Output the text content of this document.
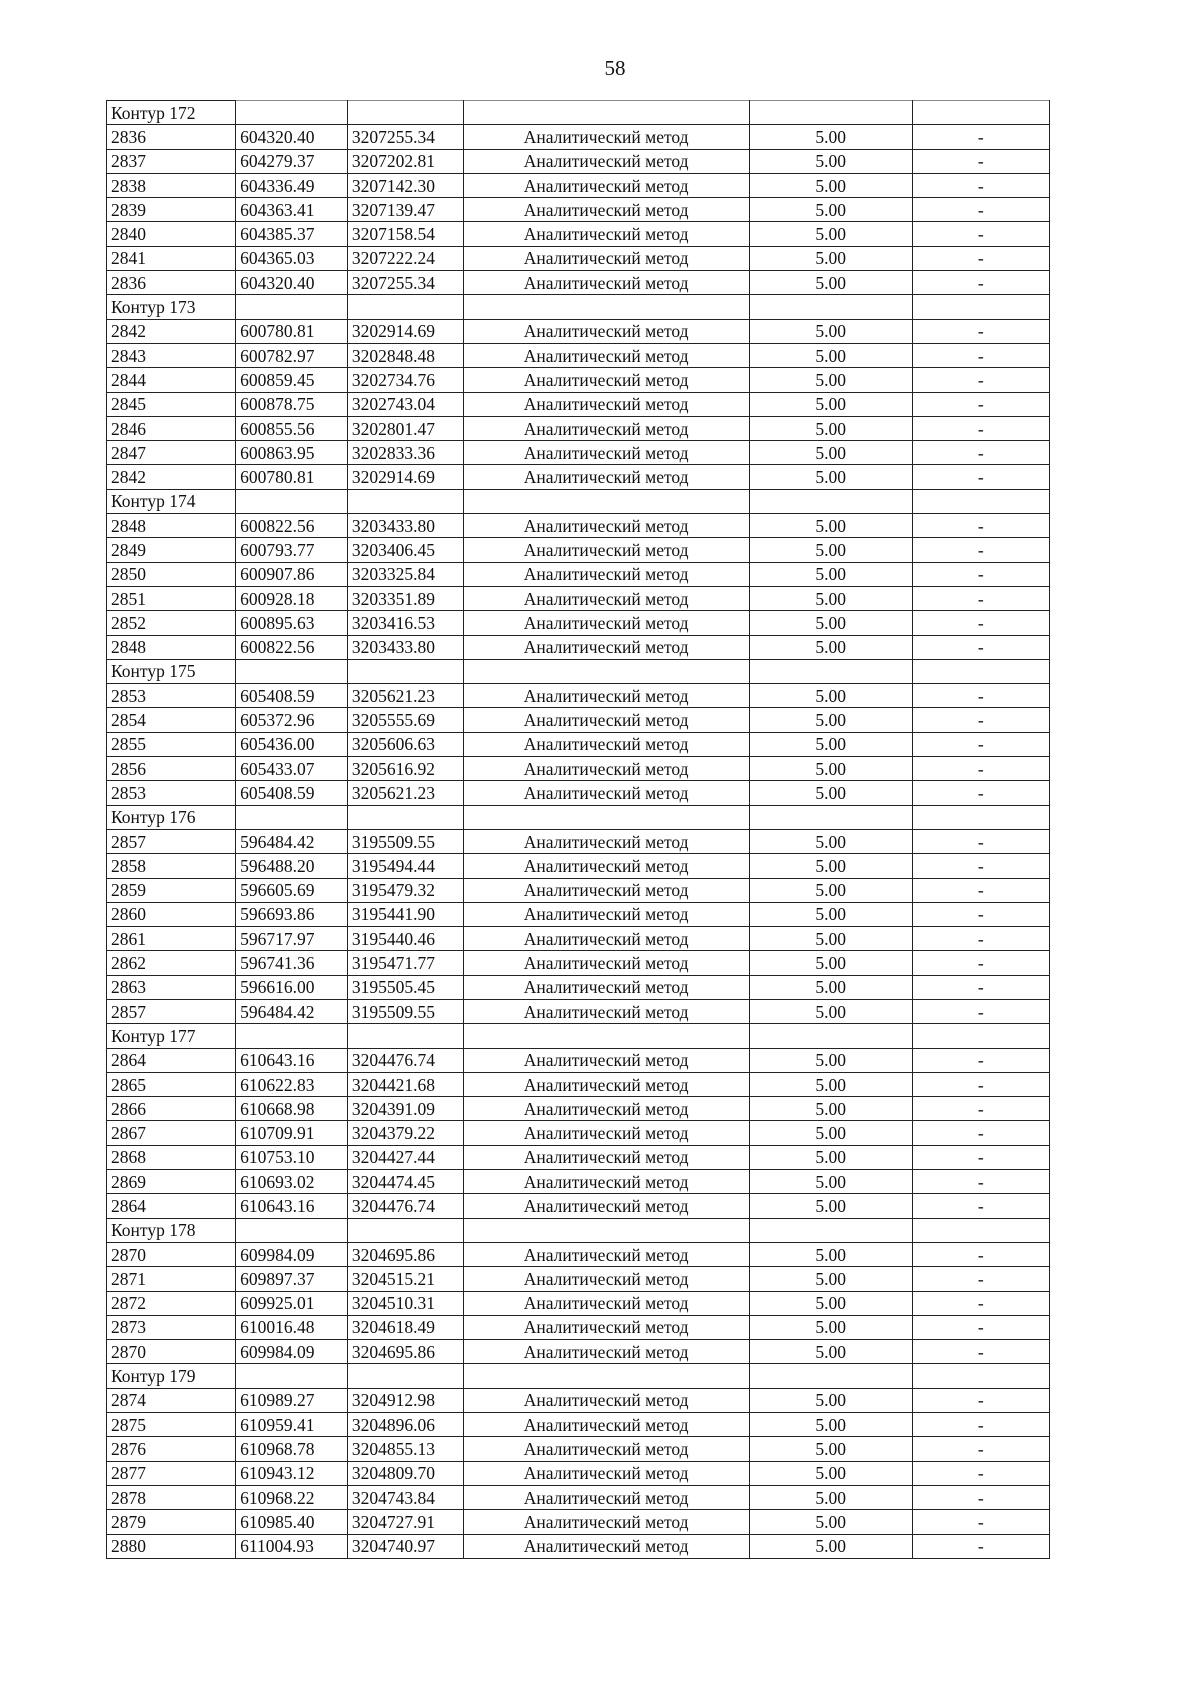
58
Контур 172					
2836	604320.40	3207255.34	Аналитический метод	5.00	-
2837	604279.37	3207202.81	Аналитический метод	5.00	-
2838	604336.49	3207142.30	Аналитический метод	5.00	-
2839	604363.41	3207139.47	Аналитический метод	5.00	-
2840	604385.37	3207158.54	Аналитический метод	5.00	-
2841	604365.03	3207222.24	Аналитический метод	5.00	-
2836	604320.40	3207255.34	Аналитический метод	5.00	-
Контур 173					
2842	600780.81	3202914.69	Аналитический метод	5.00	-
2843	600782.97	3202848.48	Аналитический метод	5.00	-
2844	600859.45	3202734.76	Аналитический метод	5.00	-
2845	600878.75	3202743.04	Аналитический метод	5.00	-
2846	600855.56	3202801.47	Аналитический метод	5.00	-
2847	600863.95	3202833.36	Аналитический метод	5.00	-
2842	600780.81	3202914.69	Аналитический метод	5.00	-
Контур 174					
2848	600822.56	3203433.80	Аналитический метод	5.00	-
2849	600793.77	3203406.45	Аналитический метод	5.00	-
2850	600907.86	3203325.84	Аналитический метод	5.00	-
2851	600928.18	3203351.89	Аналитический метод	5.00	-
2852	600895.63	3203416.53	Аналитический метод	5.00	-
2848	600822.56	3203433.80	Аналитический метод	5.00	-
Контур 175					
2853	605408.59	3205621.23	Аналитический метод	5.00	-
2854	605372.96	3205555.69	Аналитический метод	5.00	-
2855	605436.00	3205606.63	Аналитический метод	5.00	-
2856	605433.07	3205616.92	Аналитический метод	5.00	-
2853	605408.59	3205621.23	Аналитический метод	5.00	-
Контур 176					
2857	596484.42	3195509.55	Аналитический метод	5.00	-
2858	596488.20	3195494.44	Аналитический метод	5.00	-
2859	596605.69	3195479.32	Аналитический метод	5.00	-
2860	596693.86	3195441.90	Аналитический метод	5.00	-
2861	596717.97	3195440.46	Аналитический метод	5.00	-
2862	596741.36	3195471.77	Аналитический метод	5.00	-
2863	596616.00	3195505.45	Аналитический метод	5.00	-
2857	596484.42	3195509.55	Аналитический метод	5.00	-
Контур 177					
2864	610643.16	3204476.74	Аналитический метод	5.00	-
2865	610622.83	3204421.68	Аналитический метод	5.00	-
2866	610668.98	3204391.09	Аналитический метод	5.00	-
2867	610709.91	3204379.22	Аналитический метод	5.00	-
2868	610753.10	3204427.44	Аналитический метод	5.00	-
2869	610693.02	3204474.45	Аналитический метод	5.00	-
2864	610643.16	3204476.74	Аналитический метод	5.00	-
Контур 178					
2870	609984.09	3204695.86	Аналитический метод	5.00	-
2871	609897.37	3204515.21	Аналитический метод	5.00	-
2872	609925.01	3204510.31	Аналитический метод	5.00	-
2873	610016.48	3204618.49	Аналитический метод	5.00	-
2870	609984.09	3204695.86	Аналитический метод	5.00	-
Контур 179					
2874	610989.27	3204912.98	Аналитический метод	5.00	-
2875	610959.41	3204896.06	Аналитический метод	5.00	-
2876	610968.78	3204855.13	Аналитический метод	5.00	-
2877	610943.12	3204809.70	Аналитический метод	5.00	-
2878	610968.22	3204743.84	Аналитический метод	5.00	-
2879	610985.40	3204727.91	Аналитический метод	5.00	-
2880	611004.93	3204740.97	Аналитический метод	5.00	-
